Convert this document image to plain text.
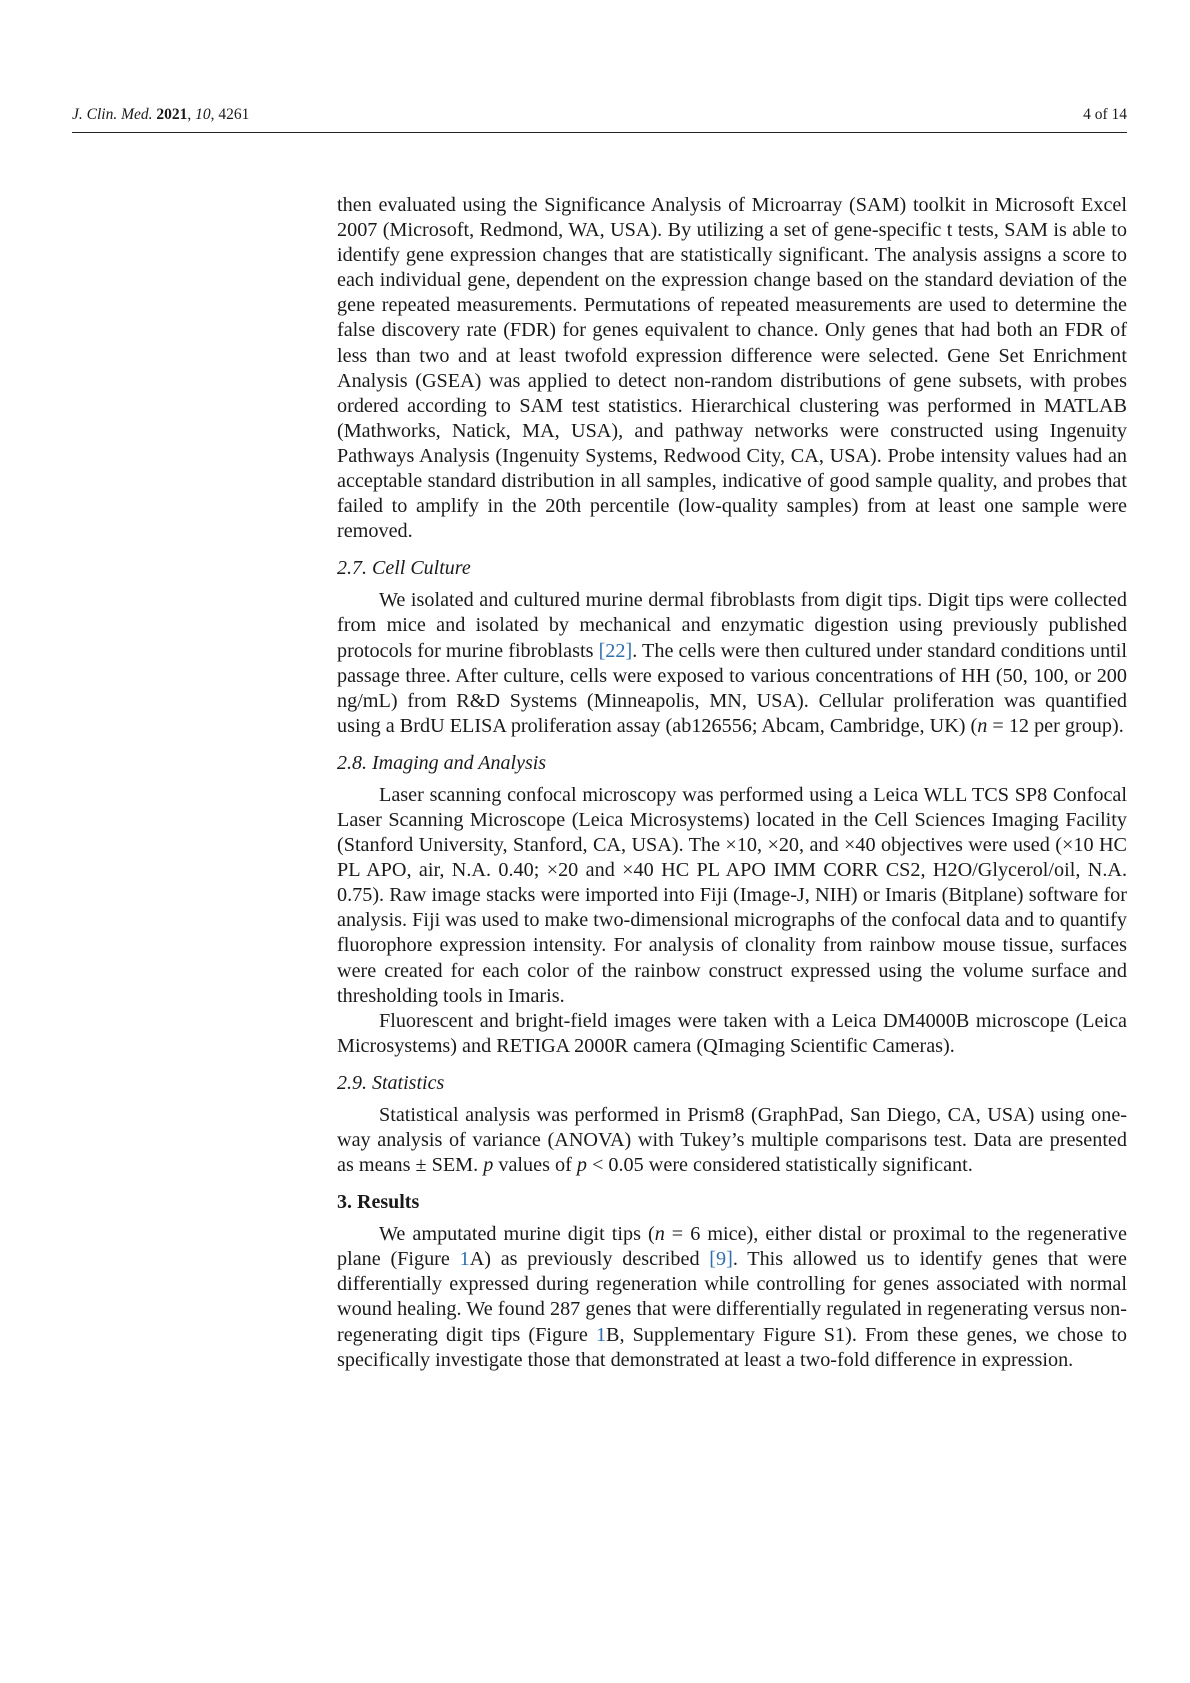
J. Clin. Med. 2021, 10, 4261	4 of 14

then evaluated using the Significance Analysis of Microarray (SAM) toolkit in Microsoft Excel 2007 (Microsoft, Redmond, WA, USA). By utilizing a set of gene-specific t tests, SAM is able to identify gene expression changes that are statistically significant. The analysis assigns a score to each individual gene, dependent on the expression change based on the standard deviation of the gene repeated measurements. Permutations of repeated measurements are used to determine the false discovery rate (FDR) for genes equivalent to chance. Only genes that had both an FDR of less than two and at least twofold expression difference were selected. Gene Set Enrichment Analysis (GSEA) was applied to detect non-random distributions of gene subsets, with probes ordered according to SAM test statistics. Hierarchical clustering was performed in MATLAB (Mathworks, Natick, MA, USA), and pathway networks were constructed using Ingenuity Pathways Analysis (Ingenuity Systems, Redwood City, CA, USA). Probe intensity values had an acceptable standard distribution in all samples, indicative of good sample quality, and probes that failed to amplify in the 20th percentile (low-quality samples) from at least one sample were removed.

2.7. Cell Culture

We isolated and cultured murine dermal fibroblasts from digit tips. Digit tips were collected from mice and isolated by mechanical and enzymatic digestion using previously published protocols for murine fibroblasts [22]. The cells were then cultured under standard conditions until passage three. After culture, cells were exposed to various concentrations of HH (50, 100, or 200 ng/mL) from R&D Systems (Minneapolis, MN, USA). Cellular proliferation was quantified using a BrdU ELISA proliferation assay (ab126556; Abcam, Cambridge, UK) (n = 12 per group).

2.8. Imaging and Analysis

Laser scanning confocal microscopy was performed using a Leica WLL TCS SP8 Confocal Laser Scanning Microscope (Leica Microsystems) located in the Cell Sciences Imaging Facility (Stanford University, Stanford, CA, USA). The ×10, ×20, and ×40 objectives were used (×10 HC PL APO, air, N.A. 0.40; ×20 and ×40 HC PL APO IMM CORR CS2, H2O/Glycerol/oil, N.A. 0.75). Raw image stacks were imported into Fiji (Image-J, NIH) or Imaris (Bitplane) software for analysis. Fiji was used to make two-dimensional micrographs of the confocal data and to quantify fluorophore expression intensity. For analysis of clonality from rainbow mouse tissue, surfaces were created for each color of the rainbow construct expressed using the volume surface and thresholding tools in Imaris.

Fluorescent and bright-field images were taken with a Leica DM4000B microscope (Leica Microsystems) and RETIGA 2000R camera (QImaging Scientific Cameras).

2.9. Statistics

Statistical analysis was performed in Prism8 (GraphPad, San Diego, CA, USA) using one-way analysis of variance (ANOVA) with Tukey’s multiple comparisons test. Data are presented as means ± SEM. p values of p < 0.05 were considered statistically significant.

3. Results

We amputated murine digit tips (n = 6 mice), either distal or proximal to the regenerative plane (Figure 1A) as previously described [9]. This allowed us to identify genes that were differentially expressed during regeneration while controlling for genes associated with normal wound healing. We found 287 genes that were differentially regulated in regenerating versus non-regenerating digit tips (Figure 1B, Supplementary Figure S1). From these genes, we chose to specifically investigate those that demonstrated at least a two-fold difference in expression.
